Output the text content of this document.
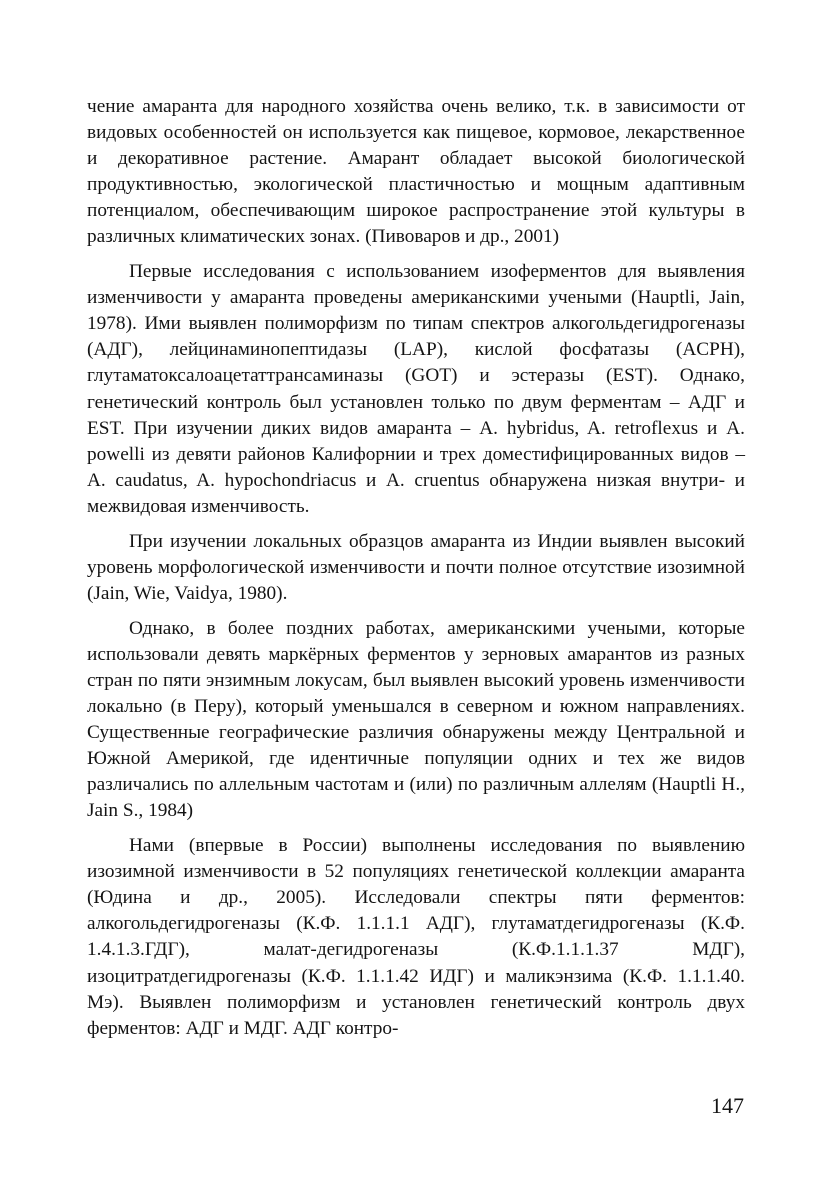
чение амаранта для народного хозяйства очень велико, т.к. в зависимости от видовых особенностей он используется как пищевое, кормовое, лекарственное и декоративное растение. Амарант обладает высокой биологической продуктивностью, экологической пластичностью и мощным адаптивным потенциалом, обеспечивающим широкое распространение этой культуры в различных климатических зонах. (Пивоваров и др., 2001)

Первые исследования с использованием изоферментов для выявления изменчивости у амаранта проведены американскими учеными (Hauptli, Jain, 1978). Ими выявлен полиморфизм по типам спектров алкогольдегидрогеназы (АДГ), лейцинаминопептидазы (LAP), кислой фосфатазы (ACPH), глутаматоксалоацетаттрансаминазы (GOT) и эстеразы (EST). Однако, генетический контроль был установлен только по двум ферментам – АДГ и EST. При изучении диких видов амаранта – A. hybridus, A. retroflexus и A. powelli из девяти районов Калифорнии и трех доместифицированных видов – A. caudatus, A. hypochondriacus и A. cruentus обнаружена низкая внутри- и межвидовая изменчивость.

При изучении локальных образцов амаранта из Индии выявлен высокий уровень морфологической изменчивости и почти полное отсутствие изозимной (Jain, Wie, Vaidya, 1980).

Однако, в более поздних работах, американскими учеными, которые использовали девять маркёрных ферментов у зерновых амарантов из разных стран по пяти энзимным локусам, был выявлен высокий уровень изменчивости локально (в Перу), который уменьшался в северном и южном направлениях. Существенные географические различия обнаружены между Центральной и Южной Америкой, где идентичные популяции одних и тех же видов различались по аллельным частотам и (или) по различным аллелям (Hauptli H., Jain S., 1984)

Нами (впервые в России) выполнены исследования по выявлению изозимной изменчивости в 52 популяциях генетической коллекции амаранта (Юдина и др., 2005). Исследовали спектры пяти ферментов: алкогольдегидрогеназы (К.Ф. 1.1.1.1 АДГ), глутаматдегидрогеназы (К.Ф. 1.4.1.3.ГДГ), малат-дегидрогеназы (К.Ф.1.1.1.37 МДГ), изоцитратдегидрогеназы (К.Ф. 1.1.1.42 ИДГ) и маликэнзима (К.Ф. 1.1.1.40. Мэ). Выявлен полиморфизм и установлен генетический контроль двух ферментов: АДГ и МДГ. АДГ контро-

147
